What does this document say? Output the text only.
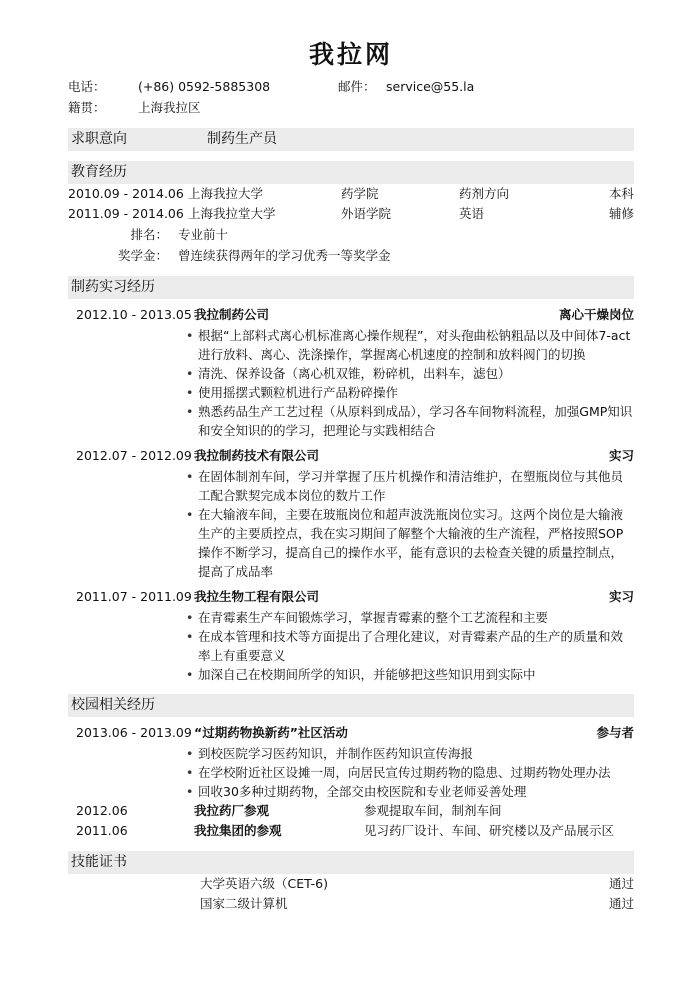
我拉网
电话：	(+86) 0592-5885308	邮件： service@55.la
籍贯：	上海我拉区
求职意向	制药生产员
教育经历
2010.09 - 2014.06 上海我拉大学	药学院	药剂方向	本科
2011.09 - 2014.06 上海我拉堂大学	外语学院	英语	辅修
排名： 专业前十
奖学金： 曾连续获得两年的学习优秀一等奖学金
制药实习经历
2012.10 - 2013.05 我拉制药公司	离心干燥岗位
• 根据“上部料式离心机标准离心操作规程”，对头孢曲松钠粗品以及中间体7-act进行放料、离心、洗涤操作，掌握离心机速度的控制和放料阀门的切换
• 清洗、保养设备（离心机双锥，粉碎机，出料车，滤包）
• 使用摇摆式颗粒机进行产品粉碎操作
• 熟悉药品生产工艺过程（从原料到成品），学习各车间物料流程，加强GMP知识和安全知识的的学习，把理论与实践相结合
2012.07 - 2012.09 我拉制药技术有限公司	实习
• 在固体制剂车间，学习并掌握了压片机操作和清洁维护，在塑瓶岗位与其他员工配合默契完成本岗位的数片工作
• 在大输液车间，主要在玻瓶岗位和超声波洗瓶岗位实习。这两个岗位是大输液生产的主要质控点，我在实习期间了解整个大输液的生产流程，严格按照SOP操作不断学习，提高自己的操作水平，能有意识的去检查关键的质量控制点，提高了成品率
2011.07 - 2011.09 我拉生物工程有限公司	实习
• 在青霉素生产车间锻炼学习，掌握青霉素的整个工艺流程和主要
• 在成本管理和技术等方面提出了合理化建议，对青霉素产品的生产的质量和效率上有重要意义
• 加深自己在校期间所学的知识，并能够把这些知识用到实际中
校园相关经历
2013.06 - 2013.09 “过期药物换新药”社区活动	参与者
• 到校医院学习医药知识，并制作医药知识宣传海报
• 在学校附近社区设摊一周，向居民宣传过期药物的隐患、过期药物处理办法
• 回收30多种过期药物，全部交由校医院和专业老师妥善处理
2012.06	我拉药厂参观	参观提取车间，制剂车间
2011.06	我拉集团的参观	见习药厂设计、车间、研究楼以及产品展示区
技能证书
大学英语六级（CET-6)	通过
国家二级计算机	通过
